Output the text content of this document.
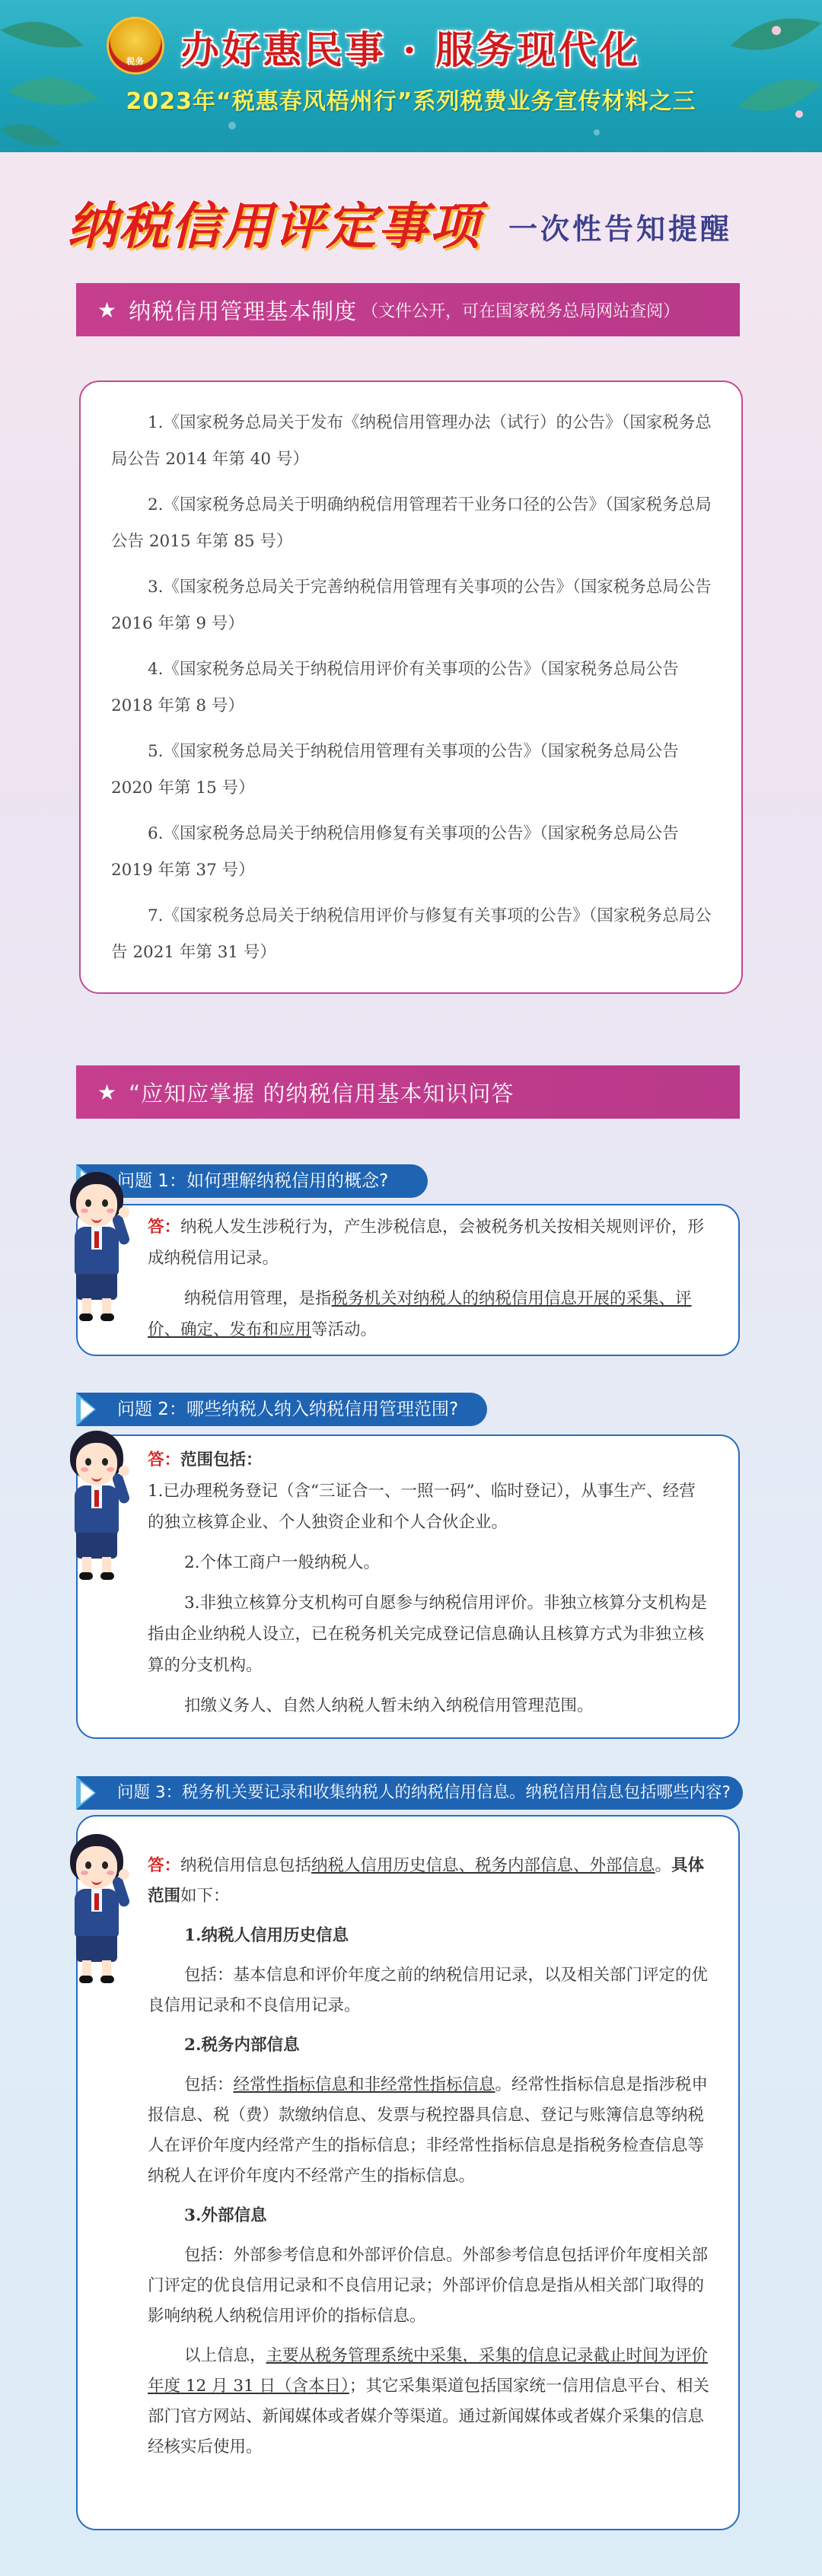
税务 办好惠民事 · 服务现代化
2023年“税惠春风梧州行”系列税费业务宣传材料之三
纳税信用评定事项 一次性告知提醒
★ 纳税信用管理基本制度 （文件公开，可在国家税务总局网站查阅）
1.《国家税务总局关于发布《纳税信用管理办法（试行）的公告》（国家税务总局公告 2014 年第 40 号）
2.《国家税务总局关于明确纳税信用管理若干业务口径的公告》（国家税务总局公告 2015 年第 85 号）
3.《国家税务总局关于完善纳税信用管理有关事项的公告》（国家税务总局公告 2016 年第 9 号）
4.《国家税务总局关于纳税信用评价有关事项的公告》（国家税务总局公告 2018 年第 8 号）
5.《国家税务总局关于纳税信用管理有关事项的公告》（国家税务总局公告 2020 年第 15 号）
6.《国家税务总局关于纳税信用修复有关事项的公告》（国家税务总局公告 2019 年第 37 号）
7.《国家税务总局关于纳税信用评价与修复有关事项的公告》（国家税务总局公告 2021 年第 31 号）
★ “应知应掌握 的纳税信用基本知识问答
问题 1：如何理解纳税信用的概念?

答：纳税人发生涉税行为，产生涉税信息，会被税务机关按相关规则评价，形成纳税信用记录。

纳税信用管理，是指税务机关对纳税人的纳税信用信息开展的采集、评价、确定、发布和应用等活动。

问题 2：哪些纳税人纳入纳税信用管理范围?

答：范围包括：

1.已办理税务登记（含“三证合一、一照一码”、临时登记），从事生产、经营的独立核算企业、个人独资企业和个人合伙企业。

2.个体工商户一般纳税人。

3.非独立核算分支机构可自愿参与纳税信用评价。非独立核算分支机构是指由企业纳税人设立，已在税务机关完成登记信息确认且核算方式为非独立核算的分支机构。

扣缴义务人、自然人纳税人暂未纳入纳税信用管理范围。

问题 3：税务机关要记录和收集纳税人的纳税信用信息。纳税信用信息包括哪些内容?

答：纳税信用信息包括纳税人信用历史信息、税务内部信息、外部信息。具体范围如下：

1.纳税人信用历史信息

包括：基本信息和评价年度之前的纳税信用记录，以及相关部门评定的优良信用记录和不良信用记录。

2.税务内部信息

包括：经常性指标信息和非经常性指标信息。经常性指标信息是指涉税申报信息、税（费）款缴纳信息、发票与税控器具信息、登记与账簿信息等纳税人在评价年度内经常产生的指标信息；非经常性指标信息是指税务检查信息等纳税人在评价年度内不经常产生的指标信息。

3.外部信息

包括：外部参考信息和外部评价信息。外部参考信息包括评价年度相关部门评定的优良信用记录和不良信用记录；外部评价信息是指从相关部门取得的影响纳税人纳税信用评价的指标信息。

以上信息，主要从税务管理系统中采集，采集的信息记录截止时间为评价年度 12 月 31 日（含本日）；其它采集渠道包括国家统一信用信息平台、相关部门官方网站、新闻媒体或者媒介等渠道。通过新闻媒体或者媒介采集的信息经核实后使用。
